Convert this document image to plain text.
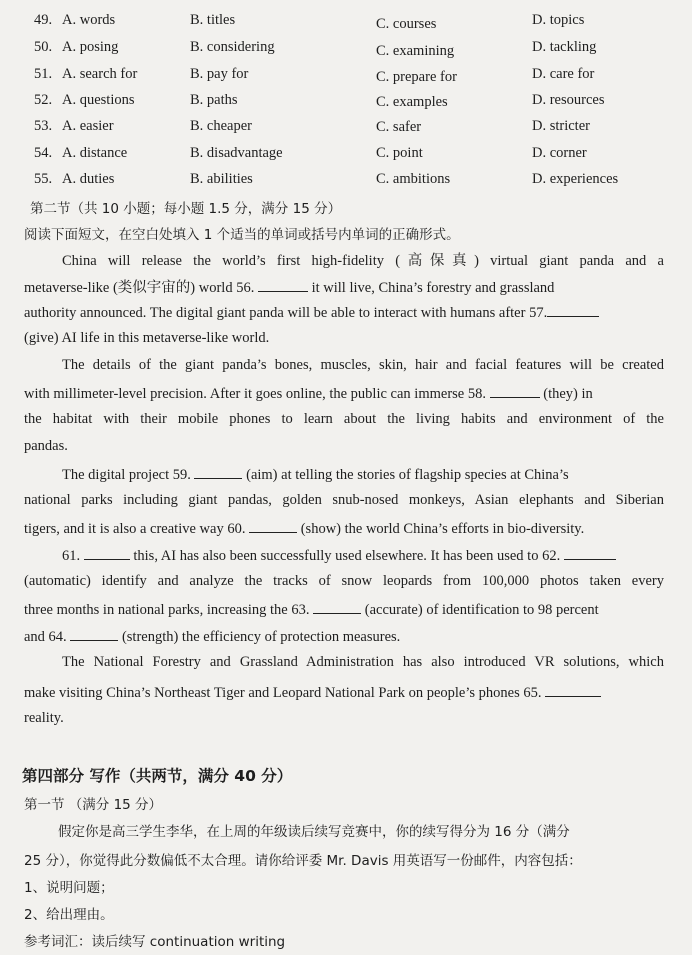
49. A. words	B. titles	C. courses	D. topics
50. A. posing	B. considering	C. examining	D. tackling
51. A. search for	B. pay for	C. prepare for	D. care for
52. A. questions	B. paths	C. examples	D. resources
53. A. easier	B. cheaper	C. safer	D. stricter
54. A. distance	B. disadvantage	C. point	D. corner
55. A. duties	B. abilities	C. ambitions	D. experiences
第二节（共 10 小题；每小题 1.5 分，满分 15 分）
阅读下面短文，在空白处填入 1 个适当的单词或括号内单词的正确形式。
China will release the world’s first high-fidelity (高保真) virtual giant panda and a
metaverse-like (类似宇宙的) world 56.	it will live, China’s forestry and grassland
authority announced. The digital giant panda will be able to interact with humans after 57.
(give) AI life in this metaverse-like world.
The details of the giant panda’s bones, muscles, skin, hair and facial features will be created
with millimeter-level precision. After it goes online, the public can immerse 58.	(they) in
the habitat with their mobile phones to learn about the living habits and environment of the
pandas.
The digital project 59.	(aim) at telling the stories of flagship species at China’s
national parks including giant pandas, golden snub-nosed monkeys, Asian elephants and Siberian
tigers, and it is also a creative way 60.	(show) the world China’s efforts in bio-diversity.
61.	this, AI has also been successfully used elsewhere. It has been used to 62.
(automatic) identify and analyze the tracks of snow leopards from 100,000 photos taken every
three months in national parks, increasing the 63.	(accurate) of identification to 98 percent
and 64.	(strength) the efficiency of protection measures.
The National Forestry and Grassland Administration has also introduced VR solutions, which
make visiting China’s Northeast Tiger and Leopard National Park on people’s phones 65.
reality.
第四部分 写作（共两节，满分 40 分）
第一节 （满分 15 分）
假定你是高三学生李华，在上周的年级读后续写竞赛中，你的续写得分为 16 分（满分
25 分），你觉得此分数偏低不太合理。请你给评委 Mr. Davis 用英语写一份邮件，内容包括：
1、说明问题；
2、给出理由。
参考词汇：读后续写 continuation writing
